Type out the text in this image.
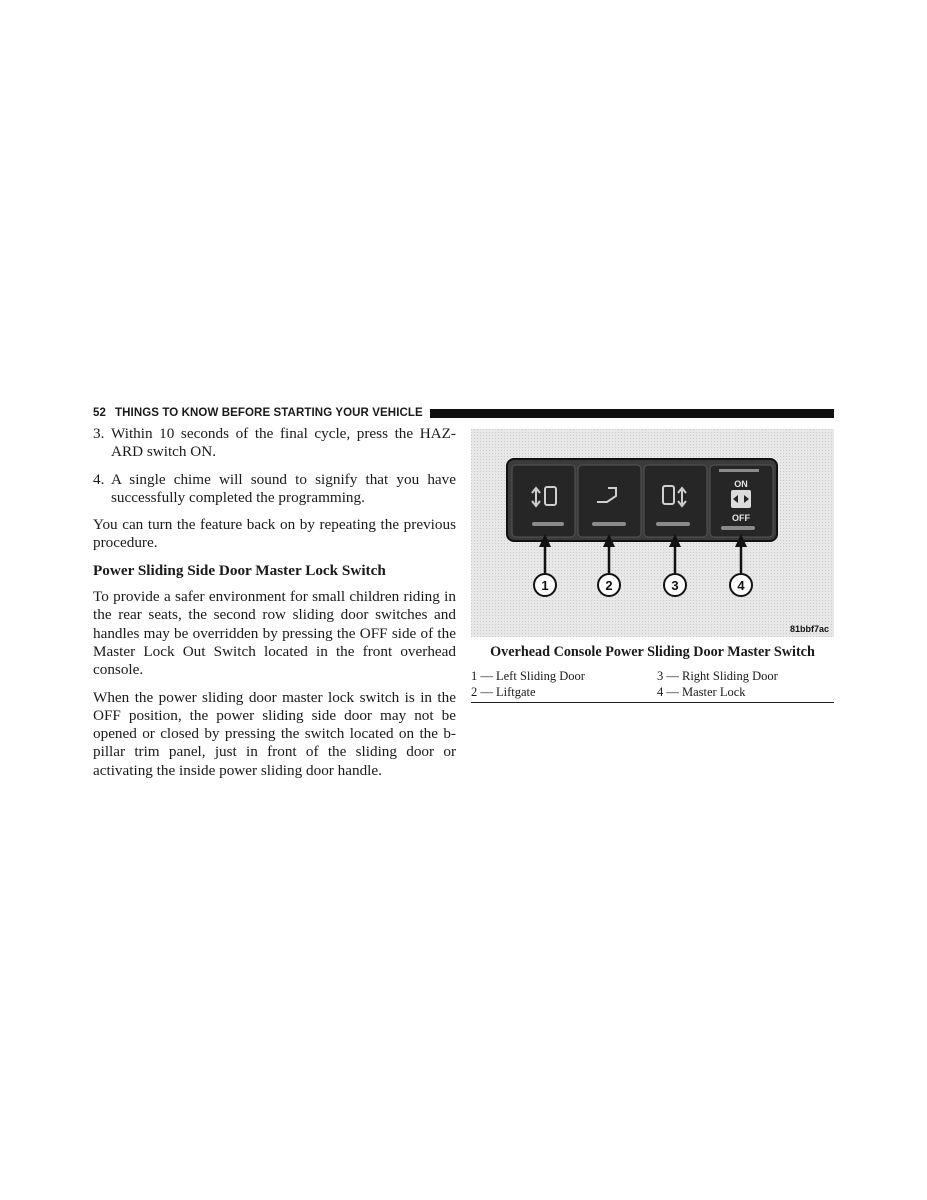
52 THINGS TO KNOW BEFORE STARTING YOUR VEHICLE
3. Within 10 seconds of the final cycle, press the HAZ-ARD switch ON.
4. A single chime will sound to signify that you have successfully completed the programming.

You can turn the feature back on by repeating the previous procedure.

Power Sliding Side Door Master Lock Switch

To provide a safer environment for small children riding in the rear seats, the second row sliding door switches and handles may be overridden by pressing the OFF side of the Master Lock Out Switch located in the front overhead console.

When the power sliding door master lock switch is in the OFF position, the power sliding side door may not be opened or closed by pressing the switch located on the b-pillar trim panel, just in front of the sliding door or activating the inside power sliding door handle.

ON
OFF
1	2	3	4
81bbf7ac
Overhead Console Power Sliding Door Master Switch
1 — Left Sliding Door	3 — Right Sliding Door
2 — Liftgate	4 — Master Lock
